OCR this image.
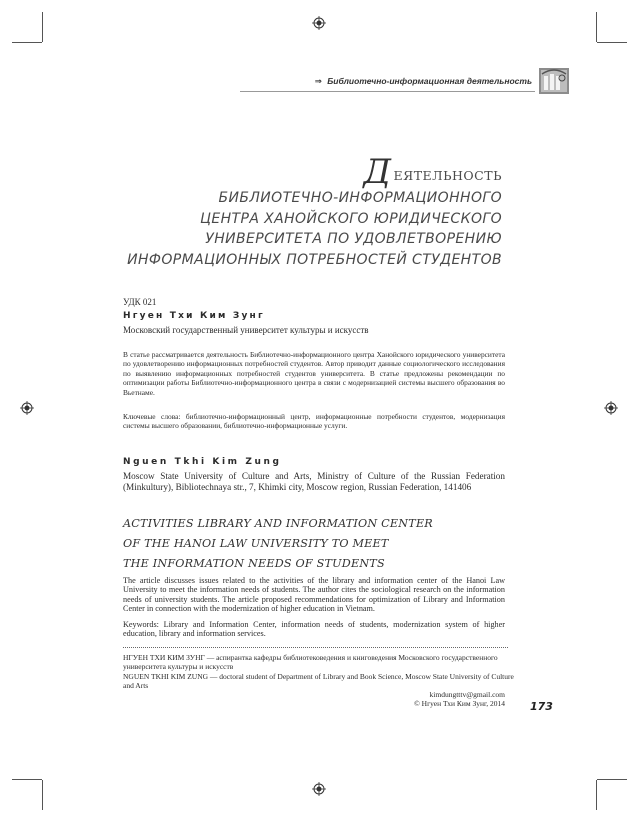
⇒ Библиотечно-информационная деятельность
ДЕЯТЕЛЬНОСТЬ
БИБЛИОТЕЧНО-ИНФОРМАЦИОННОГО
ЦЕНТРА ХАНОЙСКОГО ЮРИДИЧЕСКОГО
УНИВЕРСИТЕТА ПО УДОВЛЕТВОРЕНИЮ
ИНФОРМАЦИОННЫХ ПОТРЕБНОСТЕЙ СТУДЕНТОВ
УДК 021
Нгуен Тхи Ким Зунг
Московский государственный университет культуры и искусств
В статье рассматривается деятельность Библиотечно-информационного центра Ханойского юридического университета по удовлетворению информационных потребностей студентов. Автор приводит данные социологического исследования по выявлению информационных потребностей студентов университета. В статье предложены рекомендации по оптимизации работы Библиотечно-информационного центра в связи с модернизацией системы высшего образования во Вьетнаме.
Ключевые слова: библиотечно-информационный центр, информационные потребности студентов, модернизация системы высшего образовании, библиотечно-информационные услуги.
Nguen Tkhi Kim Zung
Moscow State University of Culture and Arts, Ministry of Culture of the Russian Federation (Minkultury), Bibliotechnaya str., 7, Khimki city, Moscow region, Russian Federation, 141406
ACTIVITIES LIBRARY AND INFORMATION CENTER
OF THE HANOI LAW UNIVERSITY TO MEET
THE INFORMATION NEEDS OF STUDENTS
The article discusses issues related to the activities of the library and information center of the Hanoi Law University to meet the information needs of students. The author cites the sociological research on the information needs of university students. The article proposed recommendations for optimization of Library and Information Center in connection with the modernization of higher education in Vietnam.
Keywords: Library and Information Center, information needs of students, modernization system of higher education, library and information services.
НГУЕН ТХИ КИМ ЗУНГ — аспирантка кафедры библиотековедения и книговедения Московского государственного университета культуры и искусств
NGUEN TKHI KIM ZUNG — doctoral student of Department of Library and Book Science, Moscow State University of Culture and Arts
kimdungtttv@gmail.com
© Нгуен Тхи Ким Зунг, 2014 173
